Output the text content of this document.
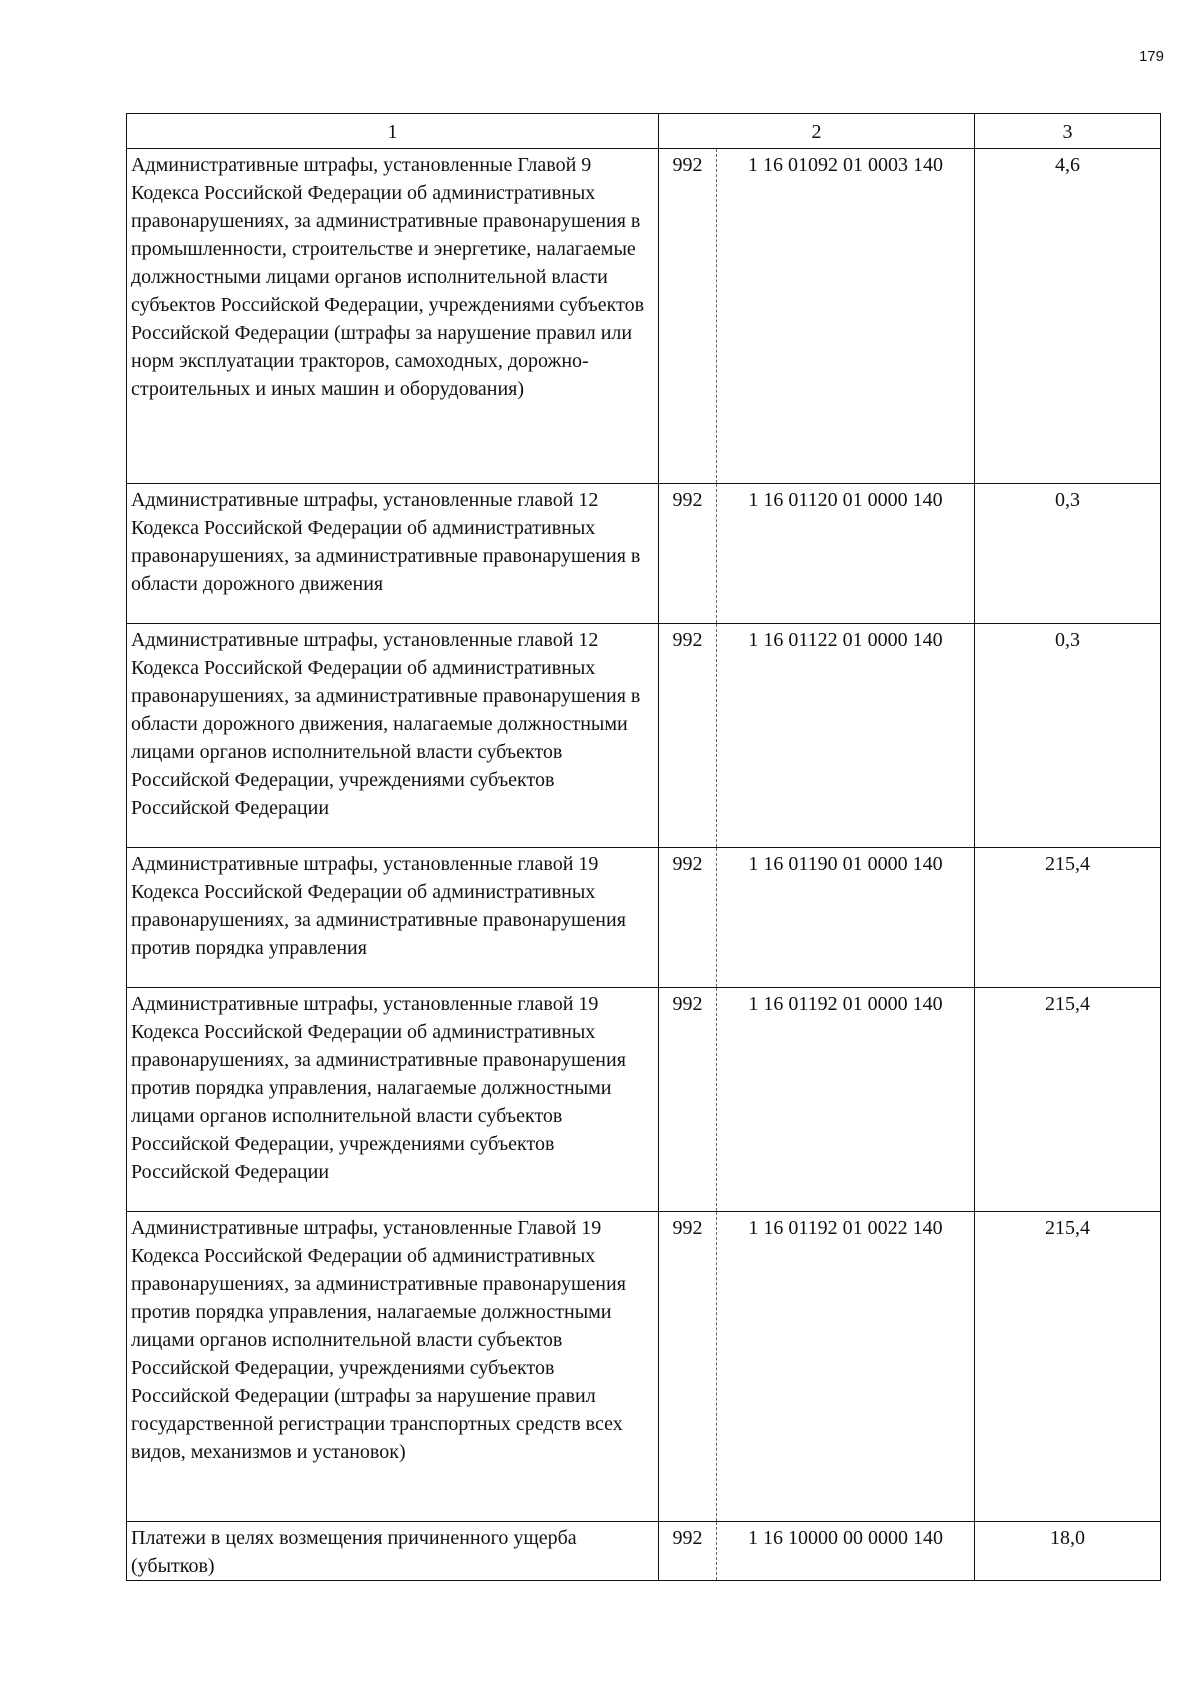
179
1	2		3
Административные штрафы, установленные Главой 9 Кодекса Российской Федерации об административных правонарушениях, за административные правонарушения в промышленности, строительстве и энергетике, налагаемые должностными лицами органов исполнительной власти субъектов Российской Федерации, учреждениями субъектов Российской Федерации (штрафы за нарушение правил или норм эксплуатации тракторов, самоходных, дорожно-строительных и иных машин и оборудования)	992	1 16 01092 01 0003 140	4,6
Административные штрафы, установленные главой 12 Кодекса Российской Федерации об административных правонарушениях, за административные правонарушения в области дорожного движения	992	1 16 01120 01 0000 140	0,3
Административные штрафы, установленные главой 12 Кодекса Российской Федерации об административных правонарушениях, за административные правонарушения в области дорожного движения, налагаемые должностными лицами органов исполнительной власти субъектов Российской Федерации, учреждениями субъектов Российской Федерации	992	1 16 01122 01 0000 140	0,3
Административные штрафы, установленные главой 19 Кодекса Российской Федерации об административных правонарушениях, за административные правонарушения против порядка управления	992	1 16 01190 01 0000 140	215,4
Административные штрафы, установленные главой 19 Кодекса Российской Федерации об административных правонарушениях, за административные правонарушения против порядка управления, налагаемые должностными лицами органов исполнительной власти субъектов Российской Федерации, учреждениями субъектов Российской Федерации	992	1 16 01192 01 0000 140	215,4
Административные штрафы, установленные Главой 19 Кодекса Российской Федерации об административных правонарушениях, за административные правонарушения против порядка управления, налагаемые должностными лицами органов исполнительной власти субъектов Российской Федерации, учреждениями субъектов Российской Федерации (штрафы за нарушение правил государственной регистрации транспортных средств всех видов, механизмов и установок)	992	1 16 01192 01 0022 140	215,4
Платежи в целях возмещения причиненного ущерба (убытков)	992	1 16 10000 00 0000 140	18,0
